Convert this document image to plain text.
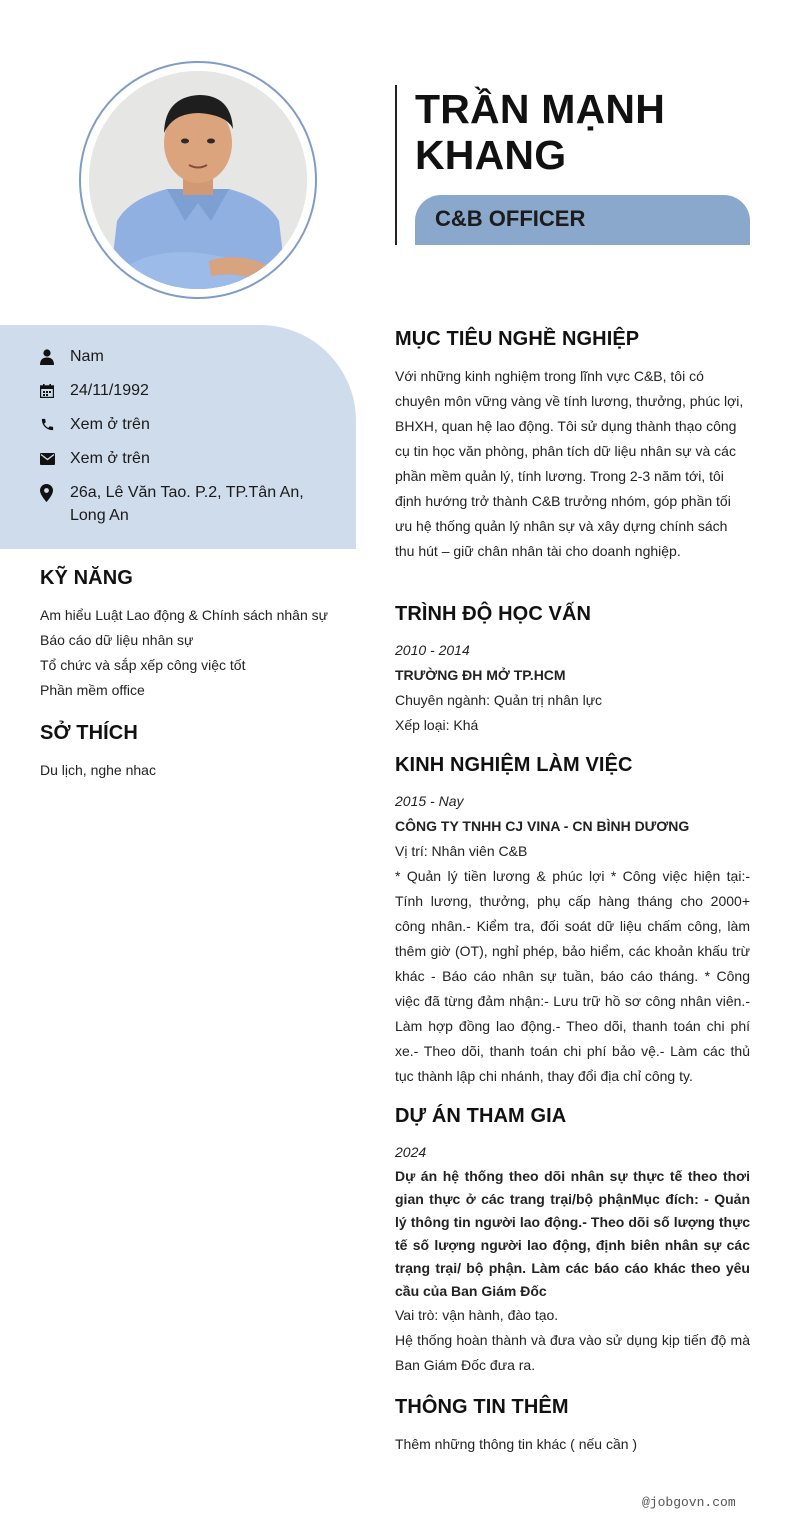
TRẦN MẠNH KHANG
C&B OFFICER
Nam
24/11/1992
Xem ở trên
Xem ở trên
26a, Lê Văn Tao. P.2, TP.Tân An, Long An
KỸ NĂNG
Am hiểu Luật Lao động & Chính sách nhân sự
Báo cáo dữ liệu nhân sự
Tổ chức và sắp xếp công việc tốt
Phần mềm office
SỞ THÍCH
Du lịch, nghe nhac
MỤC TIÊU NGHỀ NGHIỆP
Với những kinh nghiệm trong lĩnh vực C&B, tôi có chuyên môn vững vàng về tính lương, thưởng, phúc lợi, BHXH, quan hệ lao động. Tôi sử dụng thành thạo công cụ tin học văn phòng, phân tích dữ liệu nhân sự và các phần mềm quản lý, tính lương. Trong 2-3 năm tới, tôi định hướng trở thành C&B trưởng nhóm, góp phần tối ưu hệ thống quản lý nhân sự và xây dựng chính sách thu hút – giữ chân nhân tài cho doanh nghiệp.
TRÌNH ĐỘ HỌC VẤN
2010 - 2014
TRƯỜNG ĐH MỞ TP.HCM
Chuyên ngành: Quản trị nhân lực
Xếp loại: Khá
KINH NGHIỆM LÀM VIỆC
2015 - Nay
CÔNG TY TNHH CJ VINA - CN BÌNH DƯƠNG
Vị trí: Nhân viên C&B
* Quản lý tiền lương & phúc lợi * Công việc hiện tại:- Tính lương, thưởng, phụ cấp hàng tháng cho 2000+ công nhân.- Kiểm tra, đối soát dữ liệu chấm công, làm thêm giờ (OT), nghỉ phép, bảo hiểm, các khoản khấu trừ khác - Báo cáo nhân sự tuần, báo cáo tháng. * Công việc đã từng đảm nhận:- Lưu trữ hồ sơ công nhân viên.- Làm hợp đồng lao động.- Theo dõi, thanh toán chi phí xe.- Theo dõi, thanh toán chi phí bảo vệ.- Làm các thủ tục thành lập chi nhánh, thay đổi địa chỉ công ty.
DỰ ÁN THAM GIA
2024
Dự án hệ thống theo dõi nhân sự thực tế theo thơi gian thực ở các trang trại/bộ phậnMục đích: - Quản lý thông tin người lao động.- Theo dõi số lượng thực tế số lượng người lao động, định biên nhân sự các trạng trại/ bộ phận. Làm các báo cáo khác theo yêu cầu của Ban Giám Đốc
Vai trò: vận hành, đào tạo.
Hệ thống hoàn thành và đưa vào sử dụng kịp tiến độ mà Ban Giám Đốc đưa ra.
THÔNG TIN THÊM
Thêm những thông tin khác ( nếu cần )
@jobgovn.com
